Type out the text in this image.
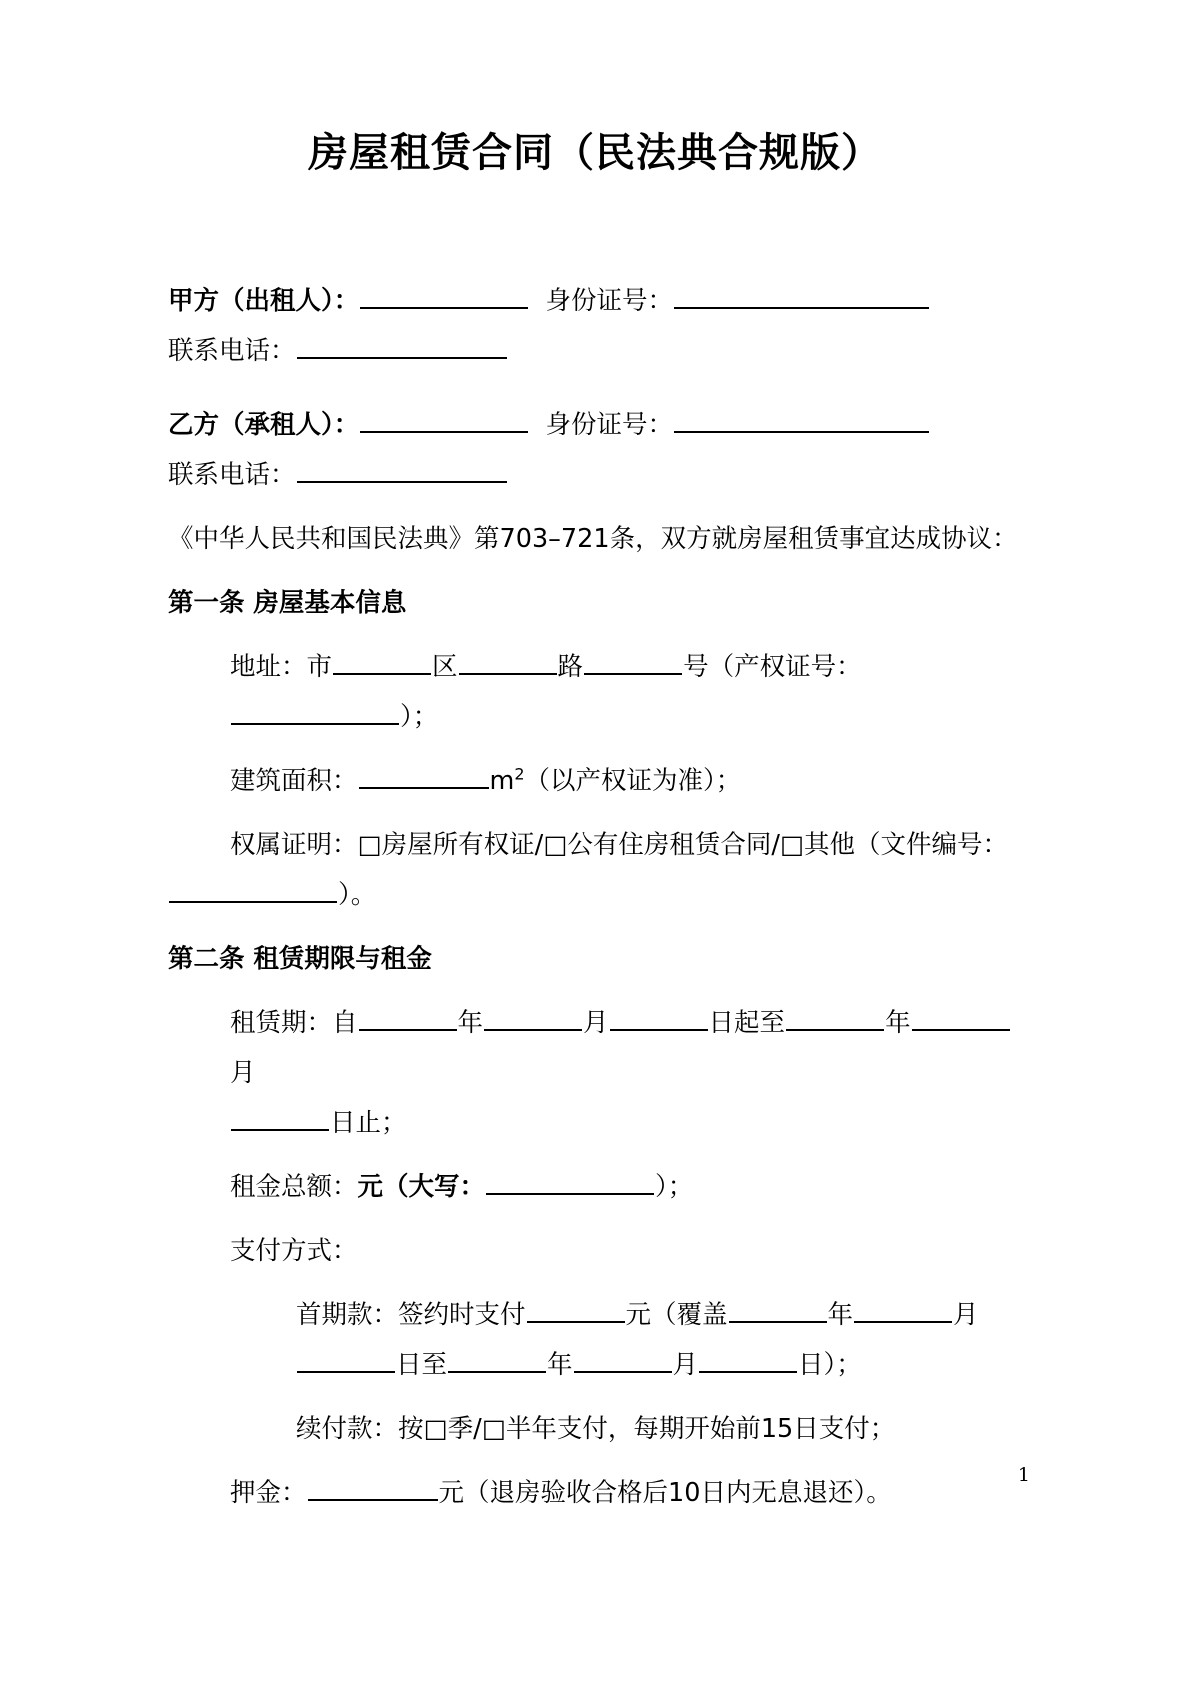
房屋租赁合同（民法典合规版）
甲方（出租人）：	身份证号：
联系电话：
乙方（承租人）：	身份证号：
联系电话：

《中华人民共和国民法典》第703–721条，双方就房屋租赁事宜达成协议：

第一条 房屋基本信息

地址：市	区	路	号（产权证号：
）；
建筑面积：	$m^2$（以产权证为准）；
权属证明：□房屋所有权证/□公有住房租赁合同/□其他（文件编号：
）。

第二条 租赁期限与租金

租赁期：自	年	月	日起至	年月
日止；
租金总额：元（大写：	）；
支付方式：
首期款：签约时支付	元（覆盖	年	月
日至	年	月	日）；
续付款：按□季/□半年支付，每期开始前15日支付；
押金：	元（退房验收合格后10日内无息退还）。
1
